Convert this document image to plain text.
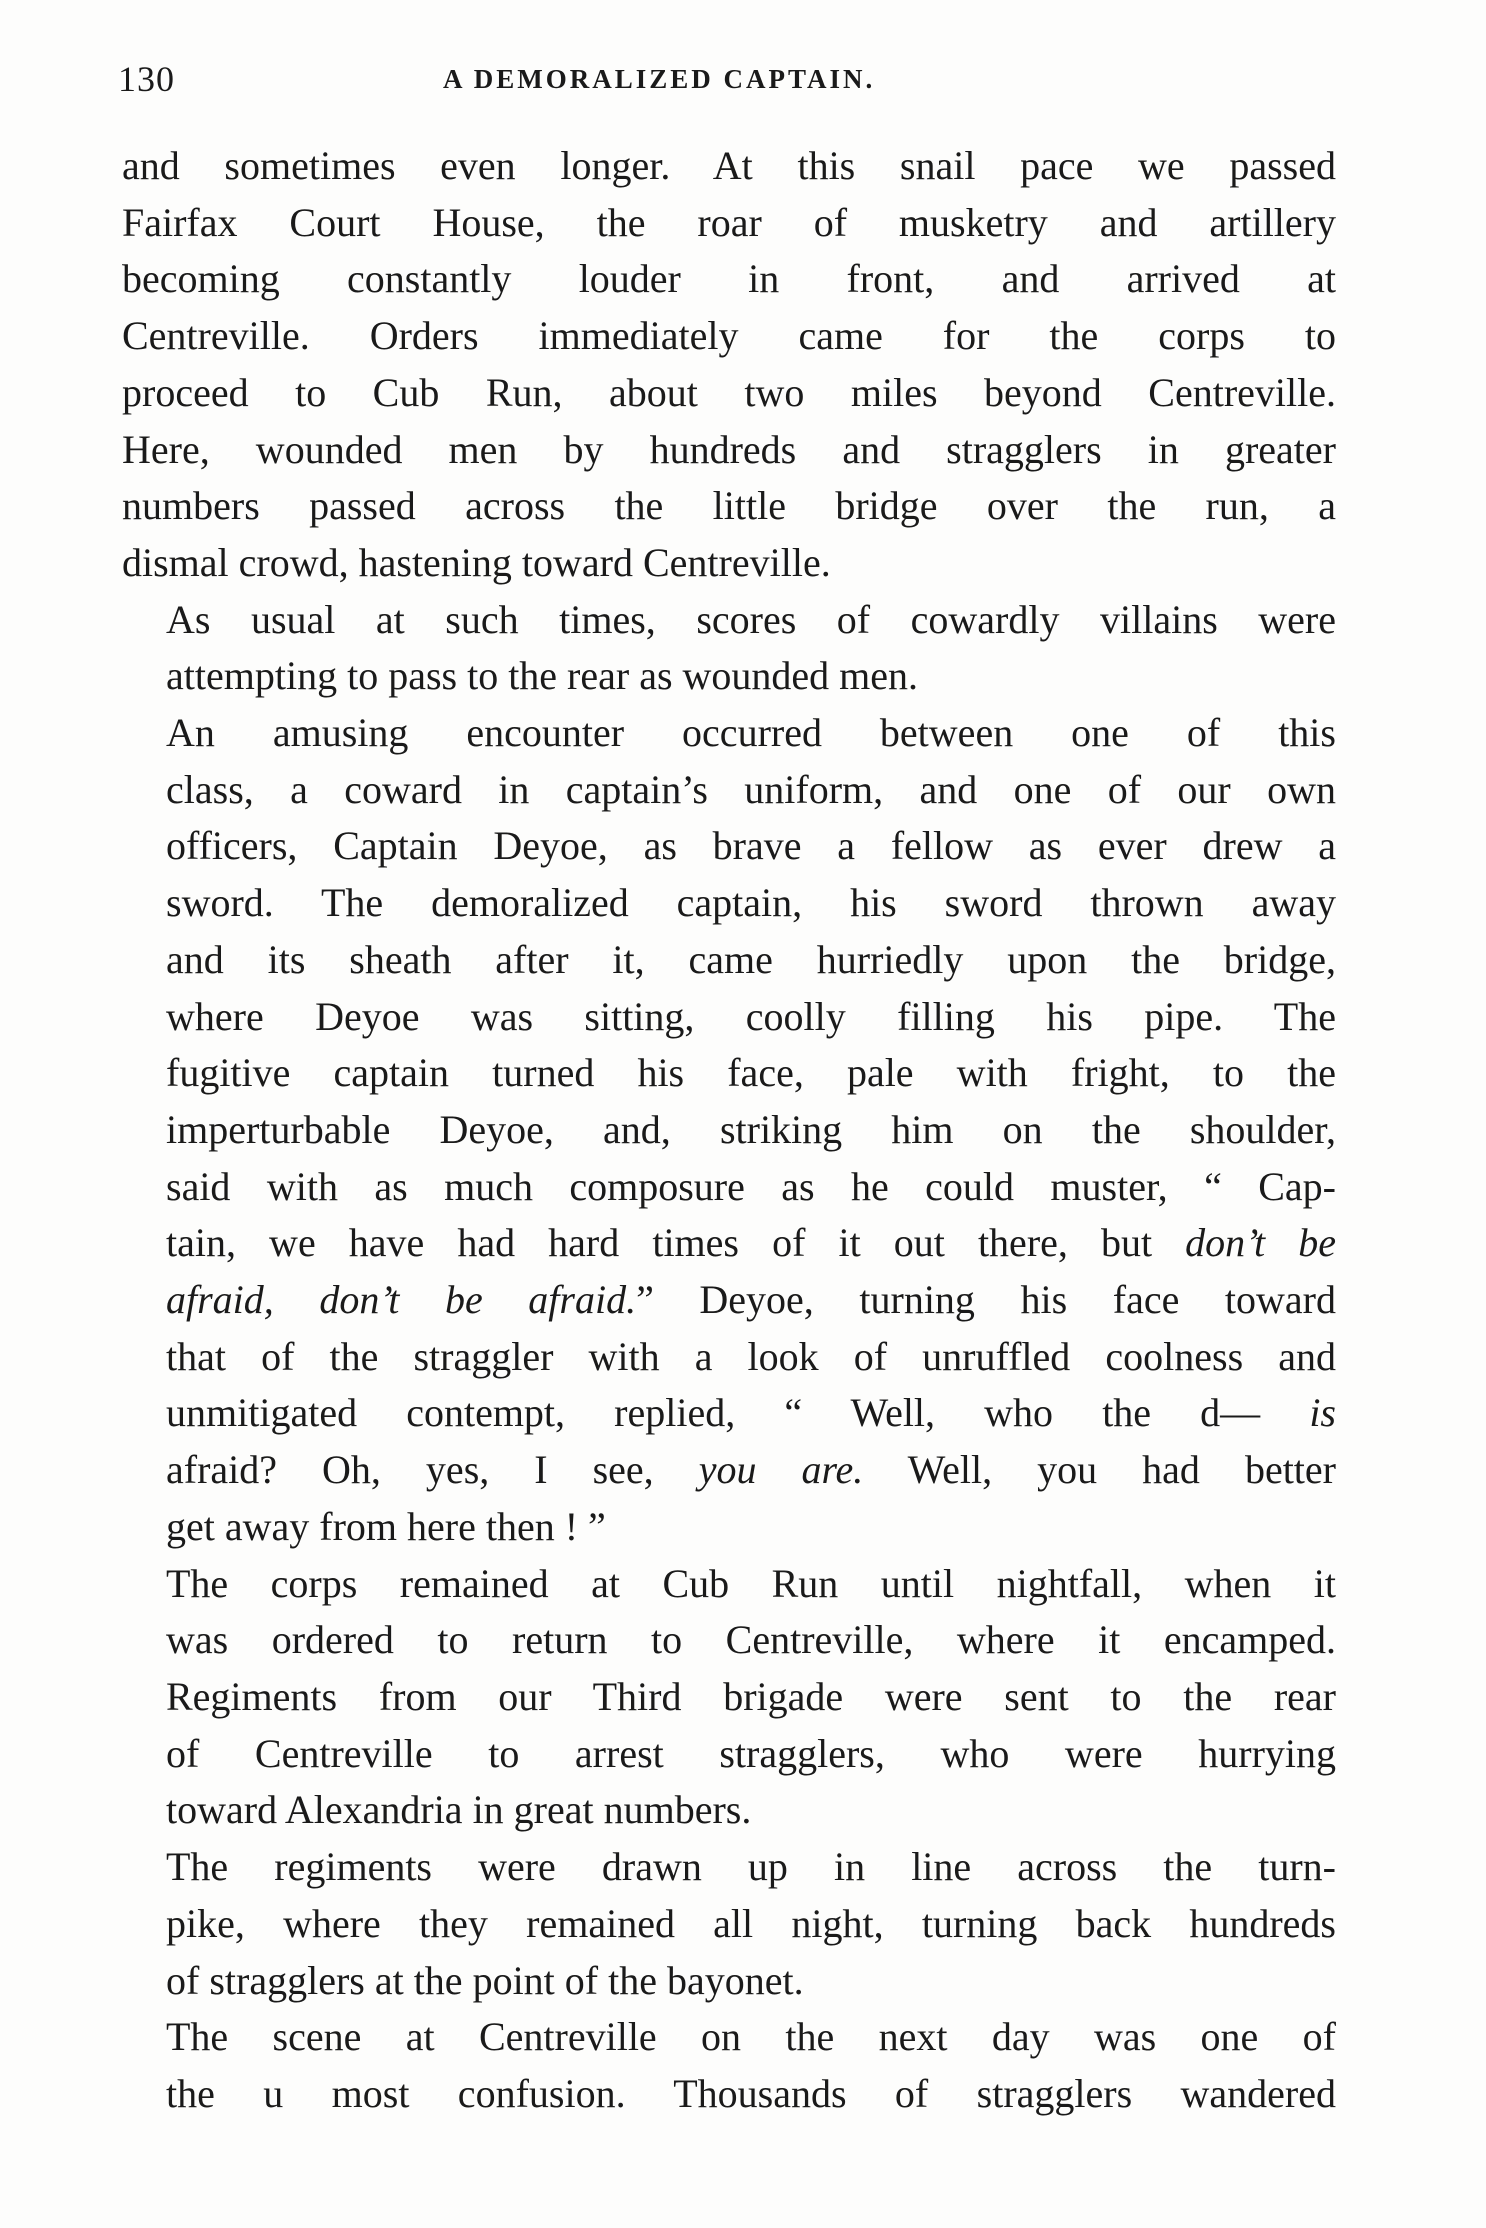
130	A DEMORALIZED CAPTAIN.
and sometimes even longer. At this snail pace we passed
Fairfax Court House, the roar of musketry and artillery
becoming constantly louder in front, and arrived at
Centreville. Orders immediately came for the corps to
proceed to Cub Run, about two miles beyond Centreville.
Here, wounded men by hundreds and stragglers in greater
numbers passed across the little bridge over the run, a
dismal crowd, hastening toward Centreville.
As usual at such times, scores of cowardly villains were
attempting to pass to the rear as wounded men.
An amusing encounter occurred between one of this
class, a coward in captain’s uniform, and one of our own
officers, Captain Deyoe, as brave a fellow as ever drew a
sword. The demoralized captain, his sword thrown away
and its sheath after it, came hurriedly upon the bridge,
where Deyoe was sitting, coolly filling his pipe. The
fugitive captain turned his face, pale with fright, to the
imperturbable Deyoe, and, striking him on the shoulder,
said with as much composure as he could muster, “ Cap-
tain, we have had hard times of it out there, but don’t be
afraid, don’t be afraid.” Deyoe, turning his face toward
that of the straggler with a look of unruffled coolness and
unmitigated contempt, replied, “ Well, who the d— is
afraid? Oh, yes, I see, you are. Well, you had better
get away from here then ! ”
The corps remained at Cub Run until nightfall, when it
was ordered to return to Centreville, where it encamped.
Regiments from our Third brigade were sent to the rear
of Centreville to arrest stragglers, who were hurrying
toward Alexandria in great numbers.
The regiments were drawn up in line across the turn-
pike, where they remained all night, turning back hundreds
of stragglers at the point of the bayonet.
The scene at Centreville on the next day was one of
the u most confusion. Thousands of stragglers wandered
